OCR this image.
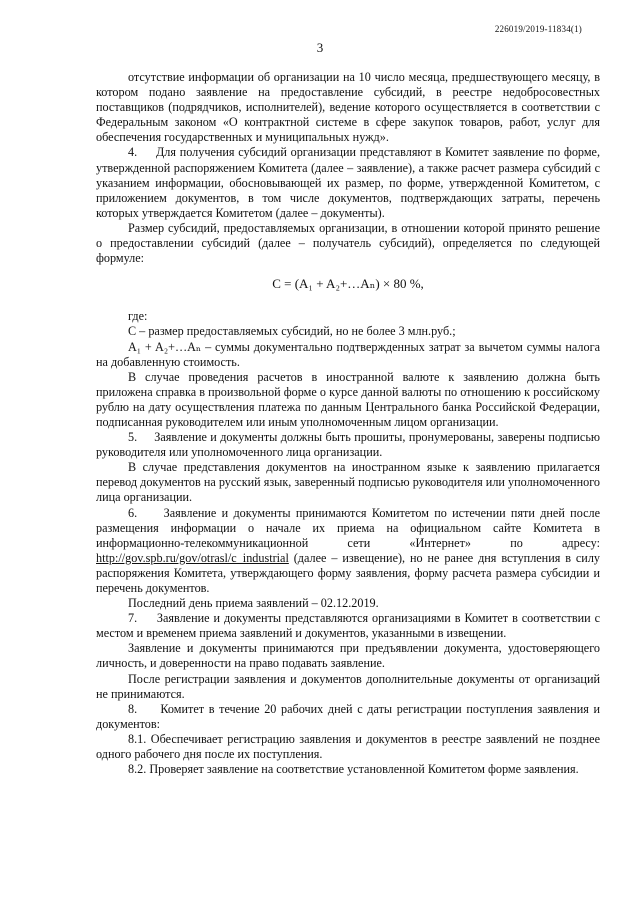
226019/2019-11834(1)
3

отсутствие информации об организации на 10 число месяца, предшествующего месяцу, в котором подано заявление на предоставление субсидий, в реестре недобросовестных поставщиков (подрядчиков, исполнителей), ведение которого осуществляется в соответствии с Федеральным законом «О контрактной системе в сфере закупок товаров, работ, услуг для обеспечения государственных и муниципальных нужд».

4.     Для получения субсидий организации представляют в Комитет заявление по форме, утвержденной распоряжением Комитета (далее – заявление), а также расчет размера субсидий с указанием информации, обосновывающей их размер, по форме, утвержденной Комитетом, с приложением документов, в том числе документов, подтверждающих затраты, перечень которых утверждается Комитетом (далее – документы).

Размер субсидий, предоставляемых организации, в отношении которой принято решение о предоставлении субсидий (далее – получатель субсидий), определяется по следующей формуле:

C = (A₁ + A₂+…Aₙ) × 80 %,

где:

C – размер предоставляемых субсидий, но не более 3 млн.руб.;

A₁ + A₂+…Aₙ – суммы документально подтвержденных затрат за вычетом суммы налога на добавленную стоимость.

В случае проведения расчетов в иностранной валюте к заявлению должна быть приложена справка в произвольной форме о курсе данной валюты по отношению к российскому рублю на дату осуществления платежа по данным Центрального банка Российской Федерации, подписанная руководителем или иным уполномоченным лицом организации.

5.     Заявление и документы должны быть прошиты, пронумерованы, заверены подписью руководителя или уполномоченного лица организации.

В случае представления документов на иностранном языке к заявлению прилагается перевод документов на русский язык, заверенный подписью руководителя или уполномоченного лица организации.

6.     Заявление и документы принимаются Комитетом по истечении пяти дней после размещения информации о начале их приема на официальном сайте Комитета в информационно-телекоммуникационной сети «Интернет» по адресу: http://gov.spb.ru/gov/otrasl/c_industrial (далее – извещение), но не ранее дня вступления в силу распоряжения Комитета, утверждающего форму заявления, форму расчета размера субсидии и перечень документов.

Последний день приема заявлений – 02.12.2019.

7.     Заявление и документы представляются организациями в Комитет в соответствии с местом и временем приема заявлений и документов, указанными в извещении.

Заявление и документы принимаются при предъявлении документа, удостоверяющего личность, и доверенности на право подавать заявление.

После регистрации заявления и документов дополнительные документы от организаций не принимаются.

8.     Комитет в течение 20 рабочих дней с даты регистрации поступления заявления и документов:

8.1. Обеспечивает регистрацию заявления и документов в реестре заявлений не позднее одного рабочего дня после их поступления.

8.2. Проверяет заявление на соответствие установленной Комитетом форме заявления.
